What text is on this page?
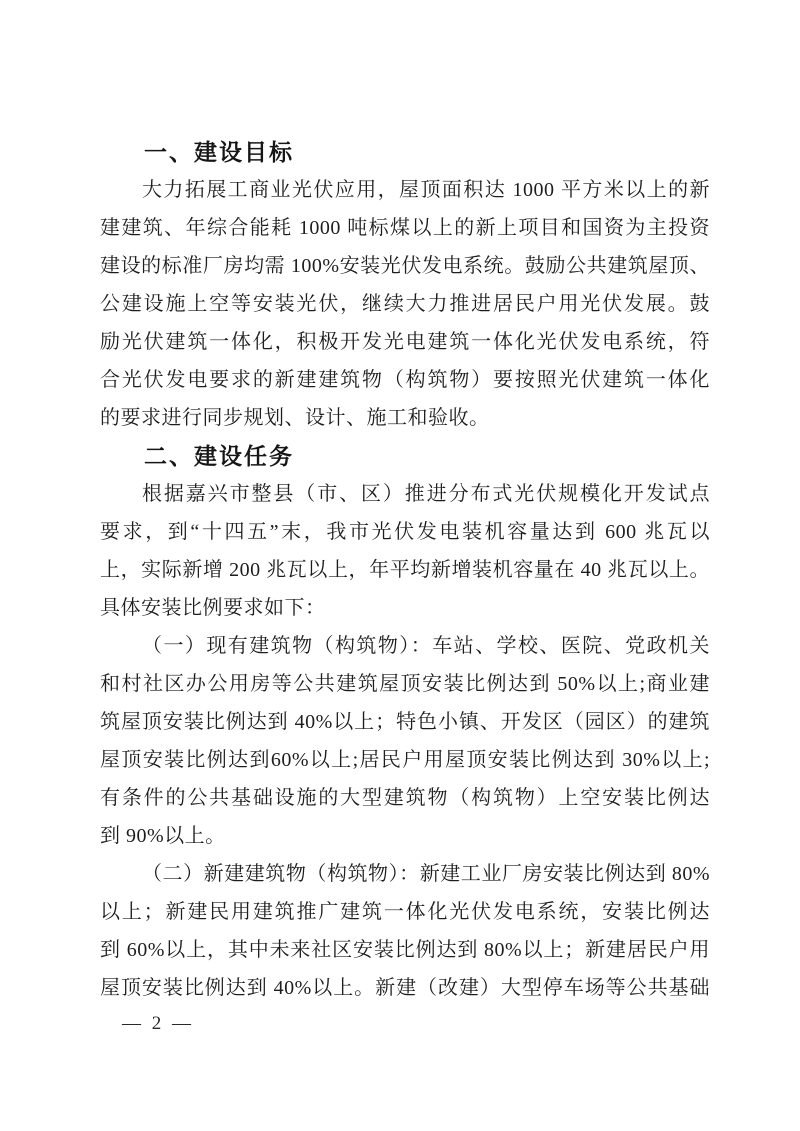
一、建设目标
大力拓展工商业光伏应用，屋顶面积达 1000 平方米以上的新
建建筑、年综合能耗 1000 吨标煤以上的新上项目和国资为主投资
建设的标准厂房均需 100%安装光伏发电系统。鼓励公共建筑屋顶、
公建设施上空等安装光伏，继续大力推进居民户用光伏发展。鼓
励光伏建筑一体化，积极开发光电建筑一体化光伏发电系统，符
合光伏发电要求的新建建筑物（构筑物）要按照光伏建筑一体化
的要求进行同步规划、设计、施工和验收。
二、建设任务
根据嘉兴市整县（市、区）推进分布式光伏规模化开发试点
要求，到“十四五”末，我市光伏发电装机容量达到 600 兆瓦以
上，实际新增 200 兆瓦以上，年平均新增装机容量在 40 兆瓦以上。
具体安装比例要求如下：
（一）现有建筑物（构筑物）：车站、学校、医院、党政机关
和村社区办公用房等公共建筑屋顶安装比例达到 50%以上;商业建
筑屋顶安装比例达到 40%以上；特色小镇、开发区（园区）的建筑
屋顶安装比例达到60%以上;居民户用屋顶安装比例达到 30%以上;
有条件的公共基础设施的大型建筑物（构筑物）上空安装比例达
到 90%以上。
（二）新建建筑物（构筑物）：新建工业厂房安装比例达到 80%
以上；新建民用建筑推广建筑一体化光伏发电系统，安装比例达
到 60%以上，其中未来社区安装比例达到 80%以上；新建居民户用
屋顶安装比例达到 40%以上。新建（改建）大型停车场等公共基础
— 2 —
